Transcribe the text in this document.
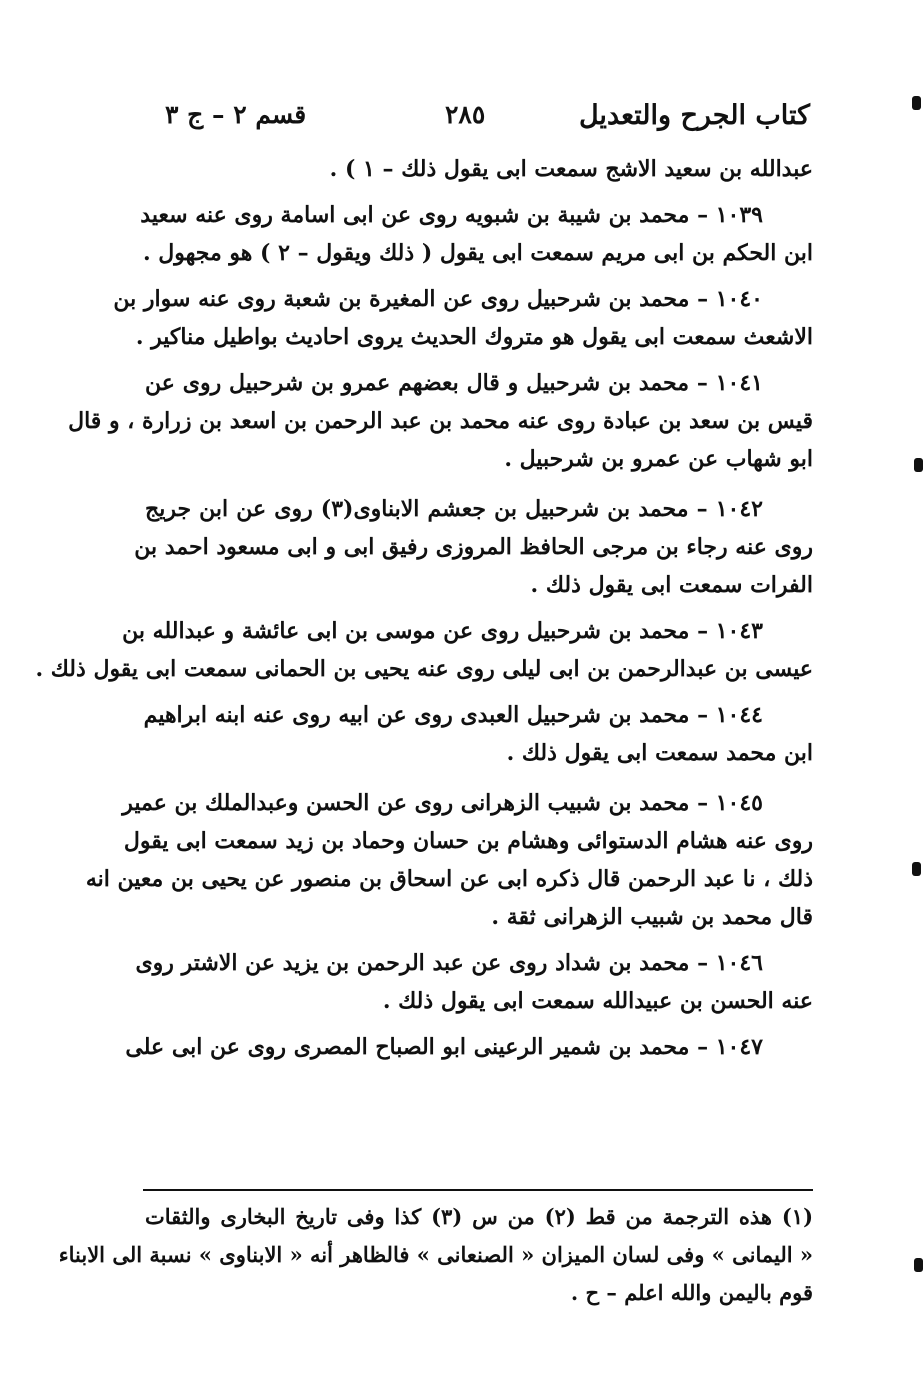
كتاب الجرح والتعديل
٢٨٥
قسم ٢ – ج ٣
عبدالله بن سعيد الاشج سمعت ابى يقول ذلك – ١ ) .
١٠٣٩ – محمد بن شيبة بن شبويه روى عن ابى اسامة روى عنه سعيد
ابن الحكم بن ابى مريم سمعت ابى يقول ( ذلك ويقول – ٢ ) هو مجهول .
١٠٤٠ – محمد بن شرحبيل روى عن المغيرة بن شعبة روى عنه سوار بن
الاشعث سمعت ابى يقول هو متروك الحديث يروى احاديث بواطيل مناكير .
١٠٤١ – محمد بن شرحبيل و قال بعضهم عمرو بن شرحبيل روى عن
قيس بن سعد بن عبادة روى عنه محمد بن عبد الرحمن بن اسعد بن زرارة ، و قال
ابو شهاب عن عمرو بن شرحبيل .
١٠٤٢ – محمد بن شرحبيل بن جعشم الابناوى(٣) روى عن ابن جريج
روى عنه رجاء بن مرجى الحافظ المروزى رفيق ابى و ابى مسعود احمد بن
الفرات سمعت ابى يقول ذلك .
١٠٤٣ – محمد بن شرحبيل روى عن موسى بن ابى عائشة و عبدالله بن
عيسى بن عبدالرحمن بن ابى ليلى روى عنه يحيى بن الحمانى سمعت ابى يقول ذلك .
١٠٤٤ – محمد بن شرحبيل العبدى روى عن ابيه روى عنه ابنه ابراهيم
ابن محمد سمعت ابى يقول ذلك .
١٠٤٥ – محمد بن شبيب الزهرانى روى عن الحسن وعبدالملك بن عمير
روى عنه هشام الدستوائى وهشام بن حسان وحماد بن زيد سمعت ابى يقول
ذلك ، نا عبد الرحمن قال ذكره ابى عن اسحاق بن منصور عن يحيى بن معين انه
قال محمد بن شبيب الزهرانى ثقة .
١٠٤٦ – محمد بن شداد روى عن عبد الرحمن بن يزيد عن الاشتر روى
عنه الحسن بن عبيدالله سمعت ابى يقول ذلك .
١٠٤٧ – محمد بن شمير الرعينى ابو الصباح المصرى روى عن ابى على
(١) هذه الترجمة من قط (٢) من س (٣) كذا وفى تاريخ البخارى والثقات
« اليمانى » وفى لسان الميزان « الصنعانى » فالظاهر أنه « الابناوى » نسبة الى الابناء
قوم باليمن والله اعلم – ح .
